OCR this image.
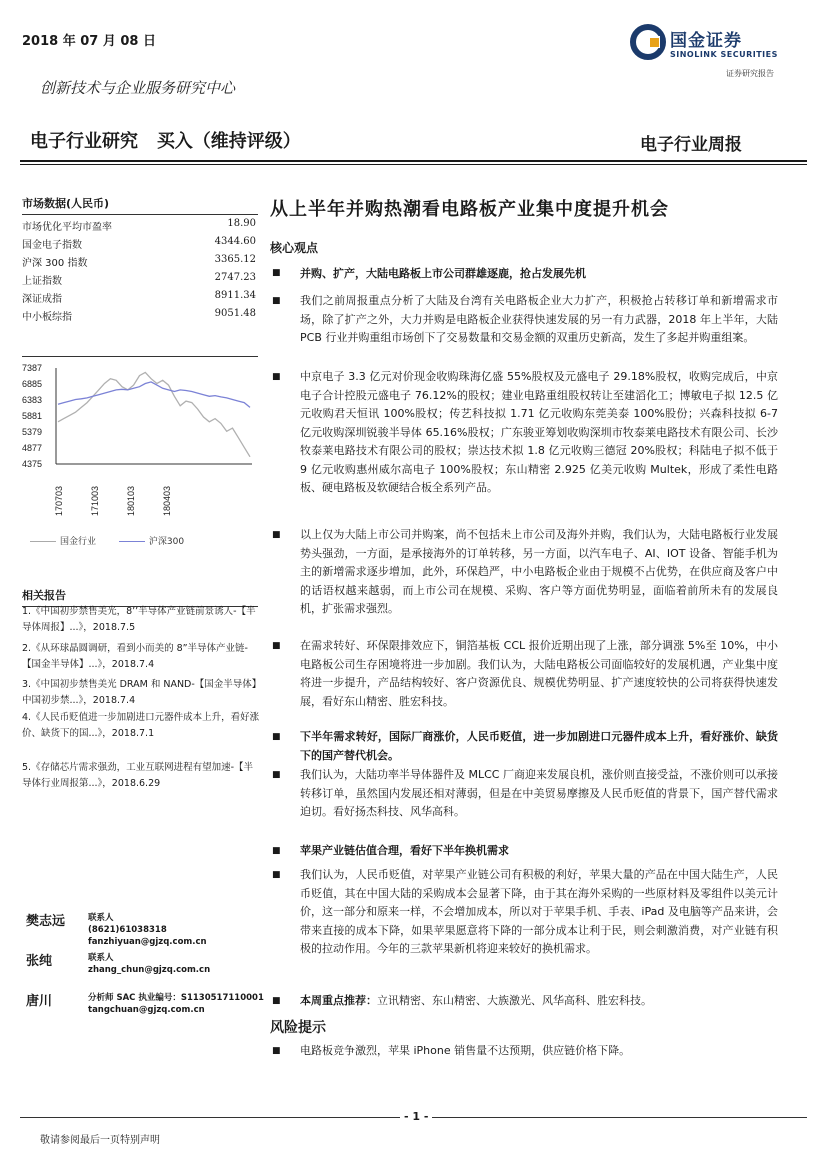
2018 年 07 月 08 日	国金证券
SINOLINK SECURITIES
证券研究报告
创新技术与企业服务研究中心
电子行业研究 买入（维持评级）	电子行业周报
市场数据(人民币)
市场优化平均市盈率	18.90
国金电子指数	4344.60
沪深 300 指数	3365.12
上证指数	2747.23
深证成指	8911.34
中小板综指	9051.48
7387
6885
6383
5881
5379
4877
4375
170703	171003	180103	180403
国金行业	沪深300
相关报告
1.《中国初步禁售美光，8’’半导体产业链前景诱人-【半导体周报】...》，2018.7.5
2.《从环球晶圆调研，看到小而美的 8”半导体产业链-【国金半导体】...》，2018.7.4
3.《中国初步禁售美光 DRAM 和 NAND-【国金半导体】中国初步禁...》，2018.7.4
4.《人民币贬值进一步加剧进口元器件成本上升，看好涨价、缺货下的国...》，2018.7.1
5.《存储芯片需求强劲，工业互联网进程有望加速-【半导体行业周报第...》，2018.6.29
樊志远	联系人
(8621)61038318
fanzhiyuan@gjzq.com.cn
张纯	联系人
zhang_chun@gjzq.com.cn
唐川	分析师 SAC 执业编号：S1130517110001
tangchuan@gjzq.com.cn
从上半年并购热潮看电路板产业集中度提升机会
核心观点
■ 并购、扩产，大陆电路板上市公司群雄逐鹿，抢占发展先机
■ 我们之前周报重点分析了大陆及台湾有关电路板企业大力扩产，积极抢占转移订单和新增需求市场，除了扩产之外，大力并购是电路板企业获得快速发展的另一有力武器，2018 年上半年，大陆 PCB 行业并购重组市场创下了交易数量和交易金额的双重历史新高，发生了多起并购重组案。
■ 中京电子 3.3 亿元对价现金收购珠海亿盛 55%股权及元盛电子 29.18%股权，收购完成后，中京电子合计控股元盛电子 76.12%的股权；建业电路重组股权转让至建滔化工；博敏电子拟 12.5 亿元收购君天恒讯 100%股权；传艺科技拟 1.71 亿元收购东莞美泰 100%股份；兴森科技拟 6-7 亿元收购深圳锐骏半导体 65.16%股权；广东骏亚筹划收购深圳市牧泰莱电路技术有限公司、长沙牧泰莱电路技术有限公司的股权；崇达技术拟 1.8 亿元收购三德冠 20%股权；科陆电子拟不低于 9 亿元收购惠州威尔高电子 100%股权；东山精密 2.925 亿美元收购 Multek，形成了柔性电路板、硬电路板及软硬结合板全系列产品。
■ 以上仅为大陆上市公司并购案，尚不包括未上市公司及海外并购，我们认为，大陆电路板行业发展势头强劲，一方面，是承接海外的订单转移，另一方面，以汽车电子、AI、IOT 设备、智能手机为主的新增需求逐步增加，此外，环保趋严，中小电路板企业由于规模不占优势，在供应商及客户中的话语权越来越弱，而上市公司在规模、采购、客户等方面优势明显，面临着前所未有的发展良机，扩张需求强烈。
■ 在需求转好、环保限排效应下，铜箔基板 CCL 报价近期出现了上涨，部分调涨 5%至 10%，中小电路板公司生存困境将进一步加剧。我们认为，大陆电路板公司面临较好的发展机遇，产业集中度将进一步提升，产品结构较好、客户资源优良、规模优势明显、扩产速度较快的公司将获得快速发展，看好东山精密、胜宏科技。
■ 下半年需求转好，国际厂商涨价，人民币贬值，进一步加剧进口元器件成本上升，看好涨价、缺货下的国产替代机会。
■ 我们认为，大陆功率半导体器件及 MLCC 厂商迎来发展良机，涨价则直接受益，不涨价则可以承接转移订单，虽然国内发展还相对薄弱，但是在中美贸易摩擦及人民币贬值的背景下，国产替代需求迫切。看好扬杰科技、风华高科。
■ 苹果产业链估值合理，看好下半年换机需求
■ 我们认为，人民币贬值，对苹果产业链公司有积极的利好，苹果大量的产品在中国大陆生产，人民币贬值，其在中国大陆的采购成本会显著下降，由于其在海外采购的一些原材料及零组件以美元计价，这一部分和原来一样，不会增加成本，所以对于苹果手机、手表、iPad 及电脑等产品来讲，会带来直接的成本下降，如果苹果愿意将下降的一部分成本让利于民，则会刺激消费，对产业链有积极的拉动作用。今年的三款苹果新机将迎来较好的换机需求。
■ 本周重点推荐：立讯精密、东山精密、大族激光、风华高科、胜宏科技。
风险提示
■ 电路板竞争激烈，苹果 iPhone 销售量不达预期，供应链价格下降。
- 1 -
敬请参阅最后一页特别声明
